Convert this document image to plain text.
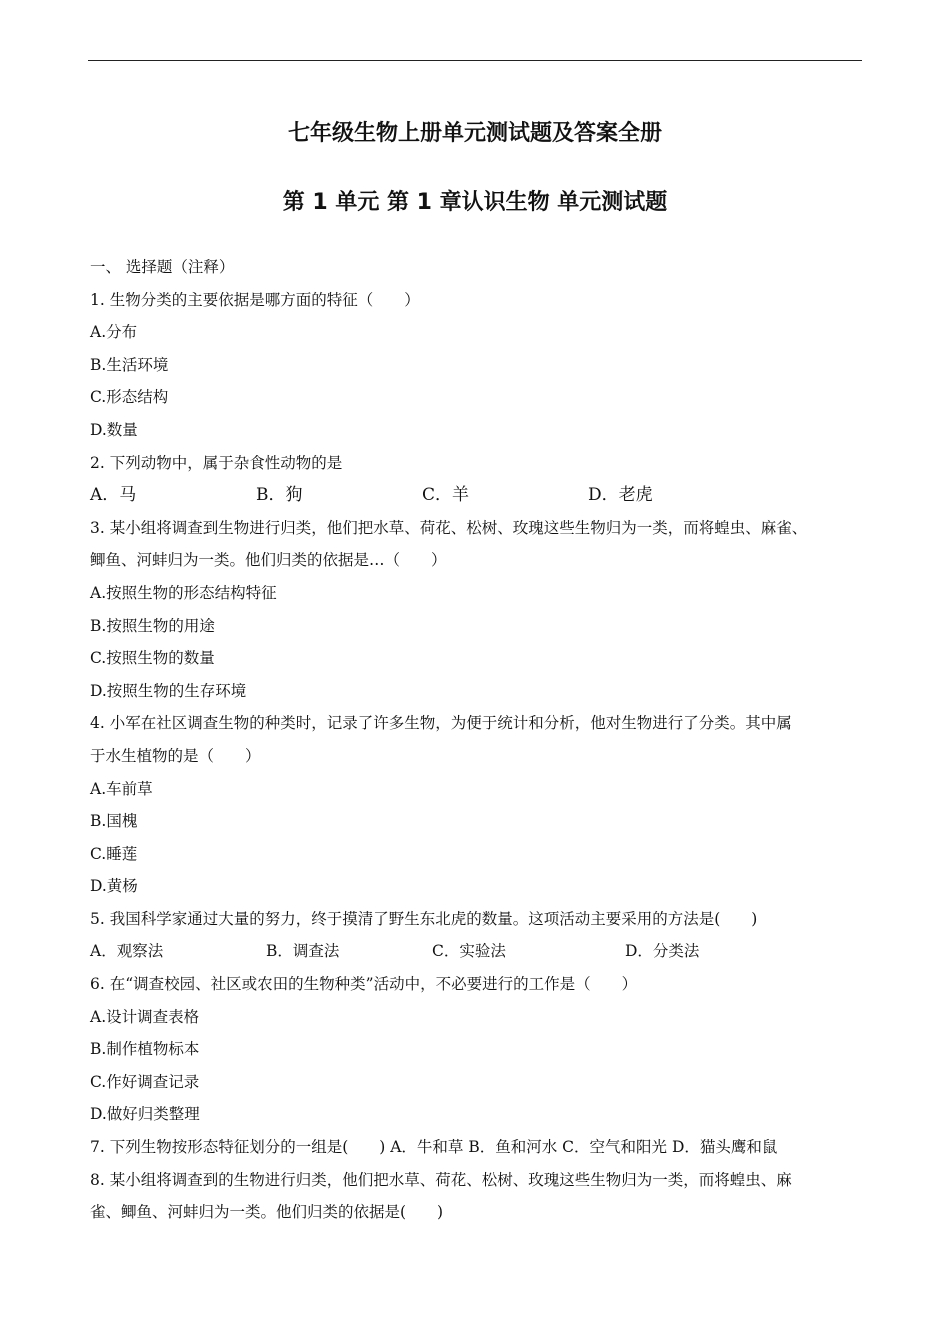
七年级生物上册单元测试题及答案全册
第 1 单元 第 1 章认识生物 单元测试题
一、 选择题（注释）
1. 生物分类的主要依据是哪方面的特征（　　）
A.分布
B.生活环境
C.形态结构
D.数量
2. 下列动物中，属于杂食性动物的是
A．马	B．狗	C．羊	D．老虎
3. 某小组将调查到生物进行归类，他们把水草、荷花、松树、玫瑰这些生物归为一类，而将蝗虫、麻雀、
鲫鱼、河蚌归为一类。他们归类的依据是…（　　）
A.按照生物的形态结构特征
B.按照生物的用途
C.按照生物的数量
D.按照生物的生存环境
4. 小军在社区调查生物的种类时，记录了许多生物，为便于统计和分析，他对生物进行了分类。其中属
于水生植物的是（　　）
A.车前草
B.国槐
C.睡莲
D.黄杨
5. 我国科学家通过大量的努力，终于摸清了野生东北虎的数量。这项活动主要采用的方法是(　　)
A．观察法	B．调查法	C．实验法	D．分类法
6. 在“调查校园、社区或农田的生物种类”活动中，不必要进行的工作是（　　）
A.设计调查表格
B.制作植物标本
C.作好调查记录
D.做好归类整理
7. 下列生物按形态特征划分的一组是(　　) A．牛和草 B．鱼和河水 C．空气和阳光 D．猫头鹰和鼠
8. 某小组将调查到的生物进行归类，他们把水草、荷花、松树、玫瑰这些生物归为一类，而将蝗虫、麻
雀、鲫鱼、河蚌归为一类。他们归类的依据是(　　)
